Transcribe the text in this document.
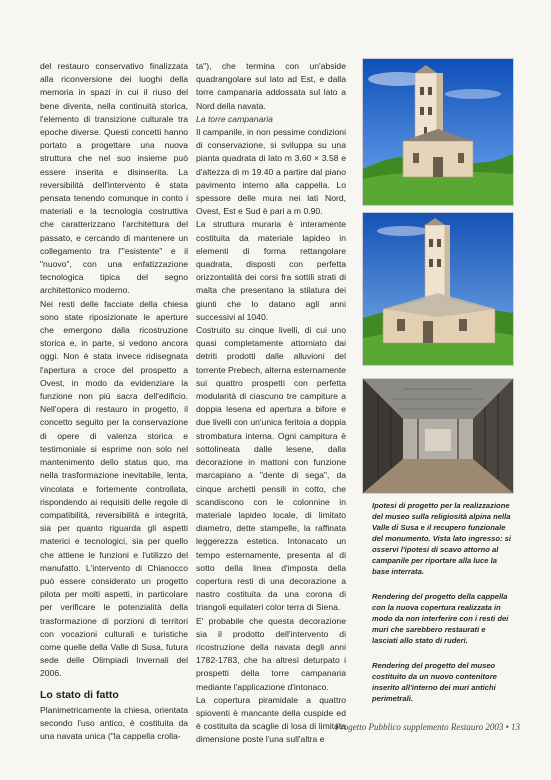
del restauro conservativo finalizzata alla riconversione dei luoghi della memoria in spazi in cui il riuso del bene diventa, nella continuità storica, l'elemento di transizione culturale tra epoche diverse. Questi concetti hanno portato a progettare una nuova struttura che nel suo insieme può essere inserita e disinserita. La reversibilità dell'intervento è stata pensata tenendo comunque in conto i materiali e la tecnologia costruttiva che caratterizzano l'architettura del passato, e cercando di mantenere un collegamento tra l'"esistente" e il "nuovo", con una enfatizzazione tecnologica tipica del segno architettonico moderno.

Nei resti delle facciate della chiesa sono state riposizionate le aperture che emergono dalla ricostruzione storica e, in parte, si vedono ancora oggi. Non è stata invece ridisegnata l'apertura a croce del prospetto a Ovest, in modo da evidenziare la funzione non più sacra dell'edificio. Nell'opera di restauro in progetto, il concetto seguito per la conservazione di opere di valenza storica e testimoniale si esprime non solo nel mantenimento dello status quo, ma nella trasformazione inevitabile, lenta, vincolata e fortemente controllata, rispondendo ai requisiti delle regole di compatibilità, reversibilità e integrità, sia per quanto riguarda gli aspetti materici e tecnologici, sia per quello che attiene le funzioni e l'utilizzo del manufatto. L'intervento di Chianocco può essere considerato un progetto pilota per molti aspetti, in particolare per verificare le potenzialità della trasformazione di porzioni di territori con vocazioni culturali e turistiche come quelle della Valle di Susa, futura sede delle Olimpiadi Invernali del 2006.

Lo stato di fatto

Planimetricamente la chiesa, orientata secondo l'uso antico, è costituita da una navata unica ("la cappella crolla-

ta"), che termina con un'abside quadrangolare sul lato ad Est, e dalla torre campanaria addossata sul lato a Nord della navata.

La torre campanaria

Il campanile, in non pessime condizioni di conservazione, si sviluppa su una pianta quadrata di lato m 3.60 × 3.58 e d'altezza di m 19.40 a partire dal piano pavimento interno alla cappella. Lo spessore delle mura nei lati Nord, Ovest, Est e Sud è pari a m 0.90.

La struttura muraria è interamente costituita da materiale lapideo in elementi di forma rettangolare quadrata, disposti con perfetta orizzontalità dei corsi fra sottili strati di malta che presentano la stilatura dei giunti che lo datano agli anni successivi al 1040.

Costruito su cinque livelli, di cui uno quasi completamente attorniato dai detriti prodotti dalle alluvioni del torrente Prebech, alterna esternamente sui quattro prospetti con perfetta modularità di ciascuno tre campiture a doppia lesena ed apertura a bifore e due livelli con un'unica feritoia a doppia strombatura interna. Ogni campitura è sottolineata dalle lesene, dalla decorazione in mattoni con funzione marcapiano a "dente di sega", da cinque archetti pensili in cotto, che scandiscono con le colonnine in materiale lapideo locale, di limitato diametro, dette stampelle, la raffinata leggerezza estetica. Intonacato un tempo esternamente, presenta al di sotto della linea d'imposta della copertura resti di una decorazione a nastro costituita da una corona di triangoli equilateri color terra di Siena.

E' probabile che questa decorazione sia il prodotto dell'intervento di ricostruzione della navata degli anni 1782-1783, che ha altresì deturpato i prospetti della torre campanaria mediante l'applicazione d'intonaco.

La copertura piramidale a quattro spioventi è mancante della cuspide ed è costituita da scaglie di losa di limitata dimensione poste l'una sull'altra e

Ipotesi di progetto per la realizzazione del museo sulla religiosità alpina nella Valle di Susa e il recupero funzionale del monumento. Vista lato ingresso: si osservi l'ipotesi di scavo attorno al campanile per riportare alla luce la base interrata.

Rendering del progetto della cappella con la nuova copertura realizzata in modo da non interferire con i resti dei muri che sarebbero restaurati e lasciati allo stato di ruderi.

Rendering del progetto del museo costituito da un nuovo contenitore inserito all'interno dei muri antichi perimetrali.

Progetto Pubblico supplemento Restauro 2003 • 13
